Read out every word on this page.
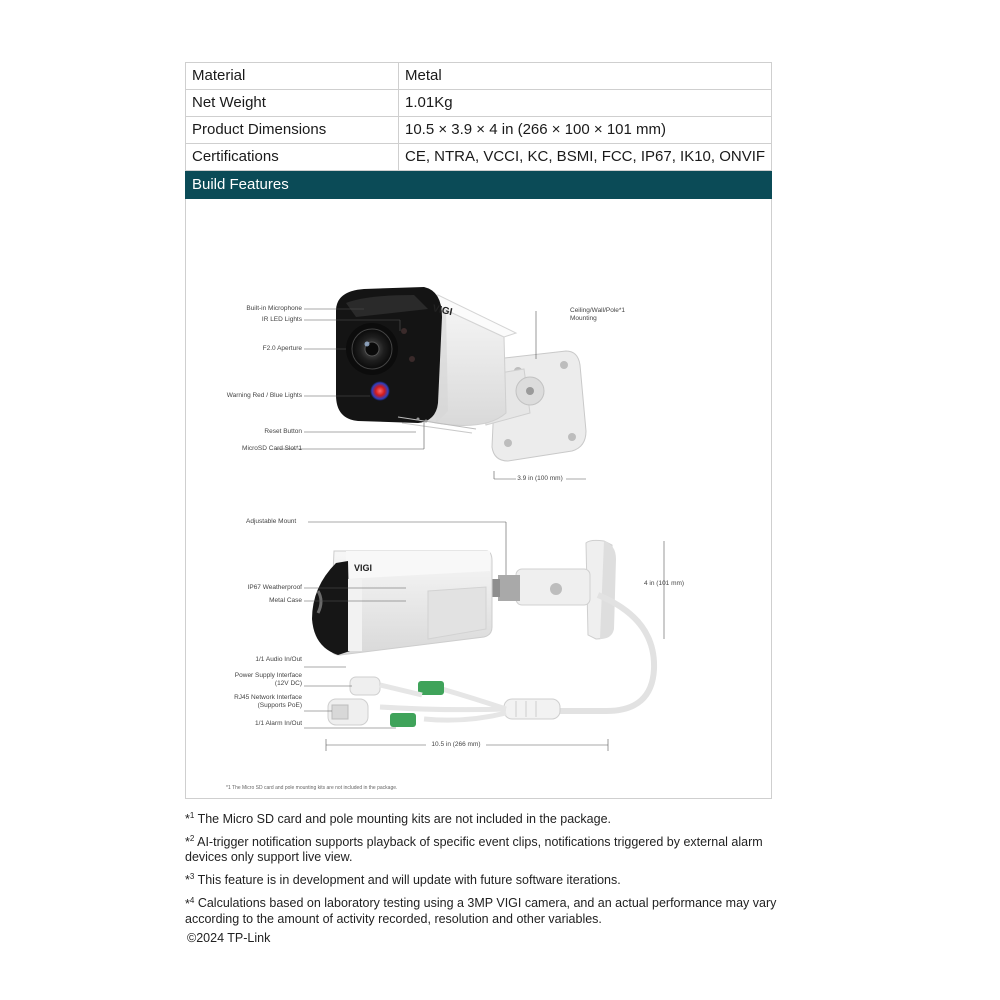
Material	Metal
Net Weight	1.01Kg
Product Dimensions	10.5 × 3.9 × 4 in (266 × 100 × 101 mm)
Certifications	CE, NTRA, VCCI, KC, BSMI, FCC, IP67, IK10, ONVIF
Build Features
VIGI
VIGI
Built-in Microphone
IR LED Lights
F2.0 Aperture
Warning Red / Blue Lights
Reset Button
MicroSD Card Slot*1
Ceiling/Wall/Pole*1 Mounting
3.9 in (100 mm)
Adjustable Mount
IP67 Weatherproof
Metal Case
1/1 Audio In/Out
Power Supply Interface (12V DC)
RJ45 Network Interface (Supports PoE)
1/1 Alarm In/Out
4 in (101 mm)
10.5 in (266 mm)
*1 The Micro SD card and pole mounting kits are not included in the package.
*$^1$ The Micro SD card and pole mounting kits are not included in the package.
*$^2$ AI-trigger notification supports playback of specific event clips, notifications triggered by external alarm devices only support live view.
*$^3$ This feature is in development and will update with future software iterations.
*$^4$ Calculations based on laboratory testing using a 3MP VIGI camera, and an actual performance may vary according to the amount of activity recorded, resolution and other variables.
©2024 TP-Link
